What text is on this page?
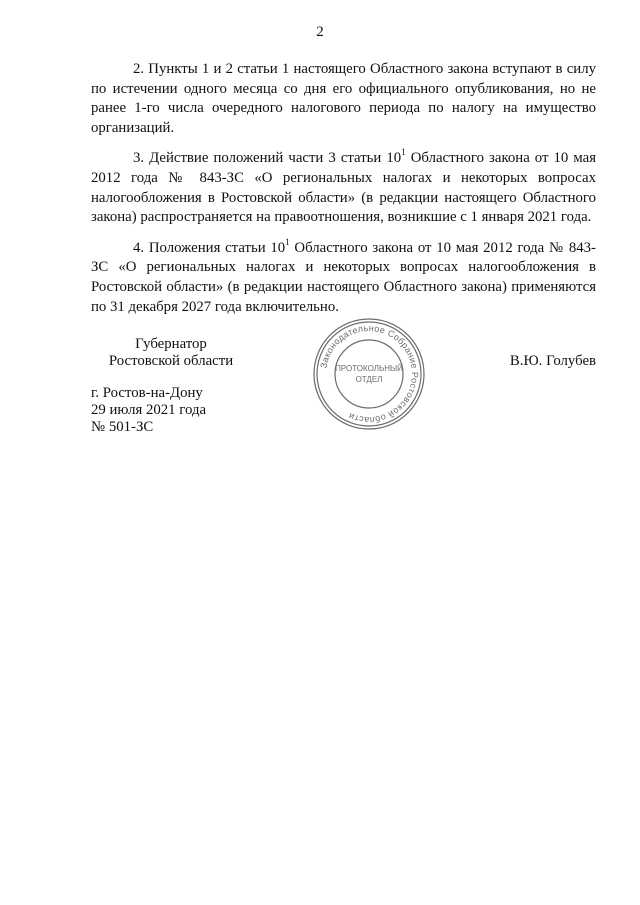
2

2. Пункты 1 и 2 статьи 1 настоящего Областного закона вступают в силу по истечении одного месяца со дня его официального опубликования, но не ранее 1-го числа очередного налогового периода по налогу на имущество организаций.

3. Действие положений части 3 статьи $10^1$ Областного закона от 10 мая 2012 года № 843-ЗС «О региональных налогах и некоторых вопросах налогообложения в Ростовской области» (в редакции настоящего Областного закона) распространяется на правоотношения, возникшие с 1 января 2021 года.

4. Положения статьи $10^1$ Областного закона от 10 мая 2012 года № 843-ЗС «О региональных налогах и некоторых вопросах налогообложения в Ростовской области» (в редакции настоящего Областного закона) применяются по 31 декабря 2027 года включительно.

Губернатор
Ростовской области	В.Ю. Голубев
г. Ростов-на-Дону
29 июля 2021 года
№ 501-ЗС
Законодательное Собрание Ростовской области
ПРОТОКОЛЬНЫЙ
ОТДЕЛ
